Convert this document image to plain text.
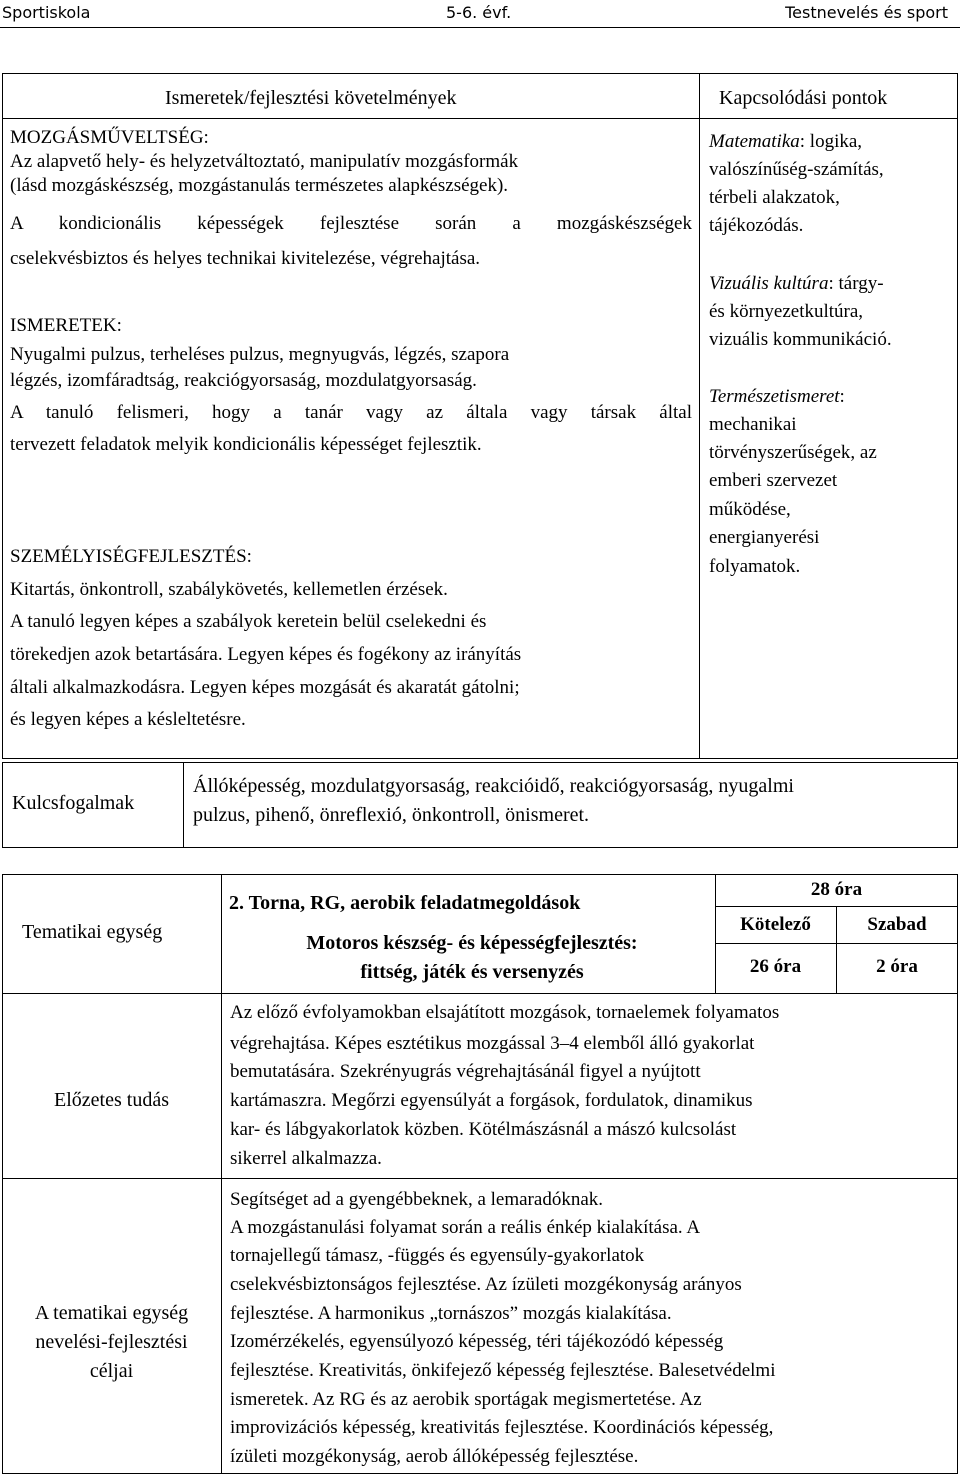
Sportiskola	5-6. évf.	Testnevelés és sport
Ismeretek/fejlesztési követelmények	Kapcsolódási pontok
MOZGÁSMŰVELTSÉG:
Az alapvető hely- és helyzetváltoztató, manipulatív mozgásformák
(lásd mozgáskészség, mozgástanulás természetes alapkészségek).
A kondicionális képességek fejlesztése során a mozgáskészségek
cselekvésbiztos és helyes technikai kivitelezése, végrehajtása.
ISMERETEK:
Nyugalmi pulzus, terheléses pulzus, megnyugvás, légzés, szapora
légzés, izomfáradtság, reakciógyorsaság, mozdulatgyorsaság.
A tanuló felismeri, hogy a tanár vagy az általa vagy társak által
tervezett feladatok melyik kondicionális képességet fejlesztik.
SZEMÉLYISÉGFEJLESZTÉS:
Kitartás, önkontroll, szabálykövetés, kellemetlen érzések.
A tanuló legyen képes a szabályok keretein belül cselekedni és
törekedjen azok betartására. Legyen képes és fogékony az irányítás
általi alkalmazkodásra. Legyen képes mozgását és akaratát gátolni;
és legyen képes a késleltetésre.
Matematika: logika,
valószínűség-számítás,
térbeli alakzatok,
tájékozódás.
Vizuális kultúra: tárgy-
és környezetkultúra,
vizuális kommunikáció.
Természetismeret:
mechanikai
törvényszerűségek, az
emberi szervezet
működése,
energianyerési
folyamatok.
Kulcsfogalmak
Állóképesség, mozdulatgyorsaság, reakcióidő, reakciógyorsaság, nyugalmi
pulzus, pihenő, önreflexió, önkontroll, önismeret.
Tematikai egység
2. Torna, RG, aerobik feladatmegoldások
Motoros készség- és képességfejlesztés:
fittség, játék és versenyzés
28 óra
Kötelező	Szabad
26 óra	2 óra
Előzetes tudás
Az előző évfolyamokban elsajátított mozgások, tornaelemek folyamatos
végrehajtása. Képes esztétikus mozgással 3–4 elemből álló gyakorlat
bemutatására. Szekrényugrás végrehajtásánál figyel a nyújtott
kartámaszra. Megőrzi egyensúlyát a forgások, fordulatok, dinamikus
kar- és lábgyakorlatok közben. Kötélmászásnál a mászó kulcsolást
sikerrel alkalmazza.
A tematikai egység
nevelési-fejlesztési
céljai
Segítséget ad a gyengébbeknek, a lemaradóknak.
A mozgástanulási folyamat során a reális énkép kialakítása. A
tornajellegű támasz, -függés és egyensúly-gyakorlatok
cselekvésbiztonságos fejlesztése. Az ízületi mozgékonyság arányos
fejlesztése. A harmonikus „tornászos” mozgás kialakítása.
Izomérzékelés, egyensúlyozó képesség, téri tájékozódó képesség
fejlesztése. Kreativitás, önkifejező képesség fejlesztése. Balesetvédelmi
ismeretek. Az RG és az aerobik sportágak megismertetése. Az
improvizációs képesség, kreativitás fejlesztése. Koordinációs képesség,
ízületi mozgékonyság, aerob állóképesség fejlesztése.
